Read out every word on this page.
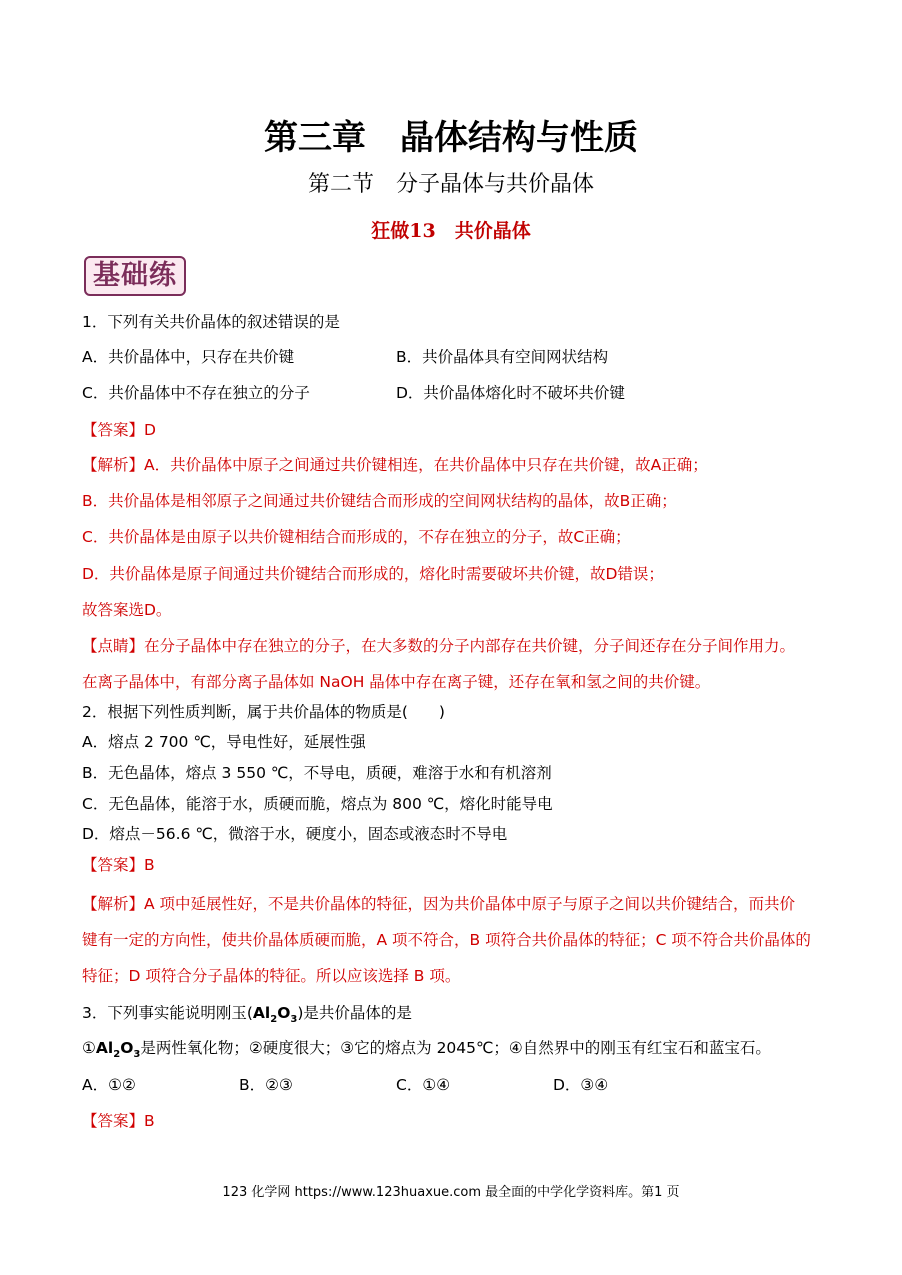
第三章　晶体结构与性质
第二节　分子晶体与共价晶体
狂做13　共价晶体
基础练
1．下列有关共价晶体的叙述错误的是
A．共价晶体中，只存在共价键	B．共价晶体具有空间网状结构
C．共价晶体中不存在独立的分子	D．共价晶体熔化时不破坏共价键
【答案】D
【解析】A．共价晶体中原子之间通过共价键相连，在共价晶体中只存在共价键，故A正确；
B．共价晶体是相邻原子之间通过共价键结合而形成的空间网状结构的晶体，故B正确；
C．共价晶体是由原子以共价键相结合而形成的，不存在独立的分子，故C正确；
D．共价晶体是原子间通过共价键结合而形成的，熔化时需要破坏共价键，故D错误；
故答案选D。
【点睛】在分子晶体中存在独立的分子，在大多数的分子内部存在共价键，分子间还存在分子间作用力。
在离子晶体中，有部分离子晶体如 NaOH 晶体中存在离子键，还存在氧和氢之间的共价键。
2．根据下列性质判断，属于共价晶体的物质是(　　)
A．熔点 2 700 ℃，导电性好，延展性强
B．无色晶体，熔点 3 550 ℃，不导电，质硬，难溶于水和有机溶剂
C．无色晶体，能溶于水，质硬而脆，熔点为 800 ℃，熔化时能导电
D．熔点－56.6 ℃，微溶于水，硬度小，固态或液态时不导电
【答案】B
【解析】A 项中延展性好，不是共价晶体的特征，因为共价晶体中原子与原子之间以共价键结合，而共价
键有一定的方向性，使共价晶体质硬而脆，A 项不符合，B 项符合共价晶体的特征；C 项不符合共价晶体的
特征；D 项符合分子晶体的特征。所以应该选择 B 项。
3．下列事实能说明刚玉$(Al_2O_3)$是共价晶体的是
$①Al_2O_3$是两性氧化物；②硬度很大；③它的熔点为 2045℃；④自然界中的刚玉有红宝石和蓝宝石。
A．①②	B．②③	C．①④	D．③④
【答案】B
123 化学网 https://www.123huaxue.com 最全面的中学化学资料库。第1 页
